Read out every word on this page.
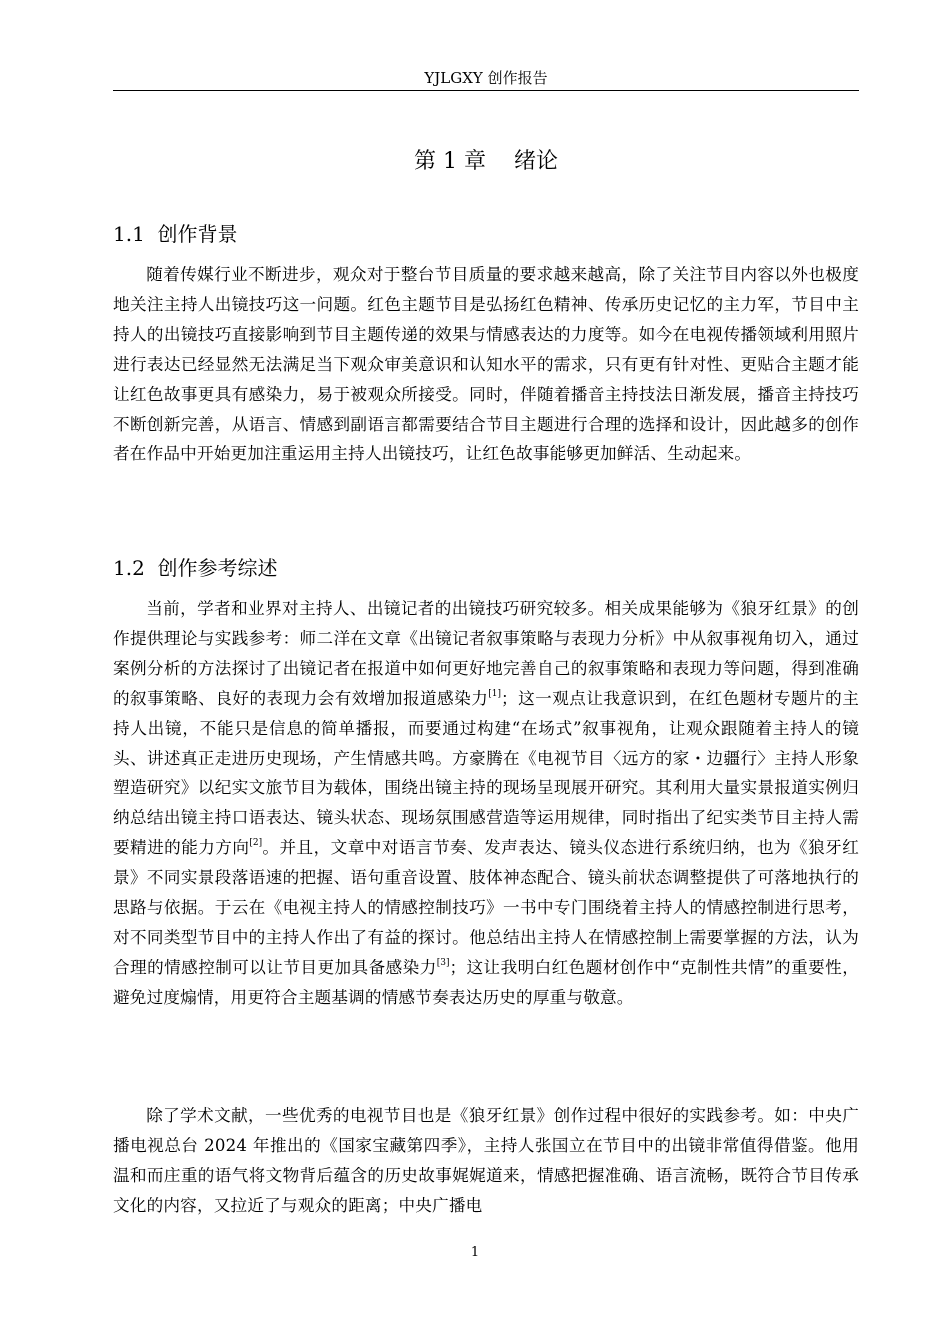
YJLGXY 创作报告
第 1 章    绪论
1.1  创作背景

随着传媒行业不断进步，观众对于整台节目质量的要求越来越高，除了关注节目内容以外也极度地关注主持人出镜技巧这一问题。红色主题节目是弘扬红色精神、传承历史记忆的主力军，节目中主持人的出镜技巧直接影响到节目主题传递的效果与情感表达的力度等。如今在电视传播领域利用照片进行表达已经显然无法满足当下观众审美意识和认知水平的需求，只有更有针对性、更贴合主题才能让红色故事更具有感染力，易于被观众所接受。同时，伴随着播音主持技法日渐发展，播音主持技巧不断创新完善，从语言、情感到副语言都需要结合节目主题进行合理的选择和设计，因此越多的创作者在作品中开始更加注重运用主持人出镜技巧，让红色故事能够更加鲜活、生动起来。

1.2  创作参考综述

当前，学者和业界对主持人、出镜记者的出镜技巧研究较多。相关成果能够为《狼牙红景》的创作提供理论与实践参考：师二洋在文章《出镜记者叙事策略与表现力分析》中从叙事视角切入，通过案例分析的方法探讨了出镜记者在报道中如何更好地完善自己的叙事策略和表现力等问题，得到准确的叙事策略、良好的表现力会有效增加报道感染力[1]；这一观点让我意识到，在红色题材专题片的主持人出镜，不能只是信息的简单播报，而要通过构建“在场式”叙事视角，让观众跟随着主持人的镜头、讲述真正走进历史现场，产生情感共鸣。方豪腾在《电视节目〈远方的家・边疆行〉主持人形象塑造研究》以纪实文旅节目为载体，围绕出镜主持的现场呈现展开研究。其利用大量实景报道实例归纳总结出镜主持口语表达、镜头状态、现场氛围感营造等运用规律，同时指出了纪实类节目主持人需要精进的能力方向[2]。并且，文章中对语言节奏、发声表达、镜头仪态进行系统归纳，也为《狼牙红景》不同实景段落语速的把握、语句重音设置、肢体神态配合、镜头前状态调整提供了可落地执行的思路与依据。于云在《电视主持人的情感控制技巧》一书中专门围绕着主持人的情感控制进行思考，对不同类型节目中的主持人作出了有益的探讨。他总结出主持人在情感控制上需要掌握的方法，认为合理的情感控制可以让节目更加具备感染力[3]；这让我明白红色题材创作中“克制性共情”的重要性，避免过度煽情，用更符合主题基调的情感节奏表达历史的厚重与敬意。

除了学术文献，一些优秀的电视节目也是《狼牙红景》创作过程中很好的实践参考。如：中央广播电视总台 2024 年推出的《国家宝藏第四季》，主持人张国立在节目中的出镜非常值得借鉴。他用温和而庄重的语气将文物背后蕴含的历史故事娓娓道来，情感把握准确、语言流畅，既符合节目传承文化的内容，又拉近了与观众的距离；中央广播电

1
